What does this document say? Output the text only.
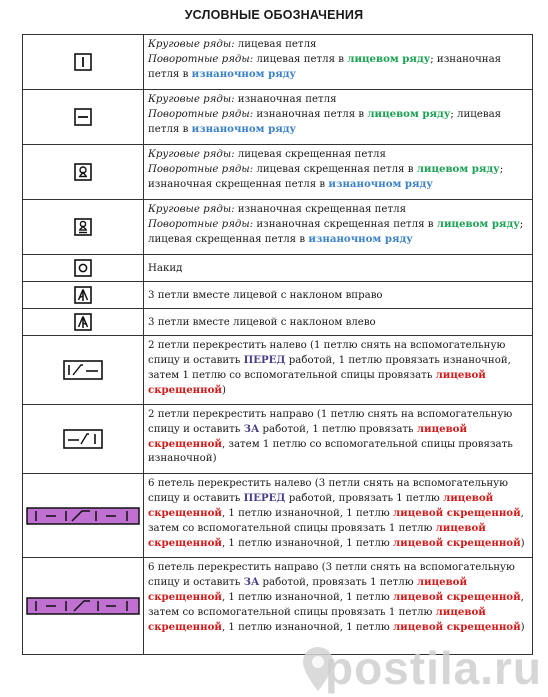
УСЛОВНЫЕ ОБОЗНАЧЕНИЯ
	Круговые ряды: лицевая петля
Поворотные ряды: лицевая петля в лицевом ряду; изнаночная петля в изнаночном ряду

	Круговые ряды: изнаночная петля
Поворотные ряды: изнаночная петля в лицевом ряду; лицевая петля в изнаночном ряду

	Круговые ряды: лицевая скрещенная петля
Поворотные ряды: лицевая скрещенная петля в лицевом ряду; изнаночная скрещенная петля в изнаночном ряду

	Круговые ряды: изнаночная скрещенная петля
Поворотные ряды: изнаночная скрещенная петля в лицевом ряду; лицевая скрещенная петля в изнаночном ряду

	Накид

	3 петли вместе лицевой с наклоном вправо

	3 петли вместе лицевой с наклоном влево

	2 петли перекрестить налево (1 петлю снять на вспомогательную спицу и оставить ПЕРЕД работой, 1 петлю провязать изнаночной, затем 1 петлю со вспомогательной спицы провязать лицевой скрещенной)

	2 петли перекрестить направо (1 петлю снять на вспомогательную спицу и оставить ЗА работой, 1 петлю провязать лицевой скрещенной, затем 1 петлю со вспомогательной спицы провязать изнаночной)

	6 петель перекрестить налево (3 петли снять на вспомогательную спицу и оставить ПЕРЕД работой, провязать 1 петлю лицевой скрещенной, 1 петлю изнаночной, 1 петлю лицевой скрещенной, затем со вспомогательной спицы провязать 1 петлю лицевой скрещенной, 1 петлю изнаночной, 1 петлю лицевой скрещенной)

	6 петель перекрестить направо (3 петли снять на вспомогательную спицу и оставить ЗА работой, провязать 1 петлю лицевой скрещенной, 1 петлю изнаночной, 1 петлю лицевой скрещенной, затем со вспомогательной спицы провязать 1 петлю лицевой скрещенной, 1 петлю изнаночной, 1 петлю лицевой скрещенной)
postila.ru
